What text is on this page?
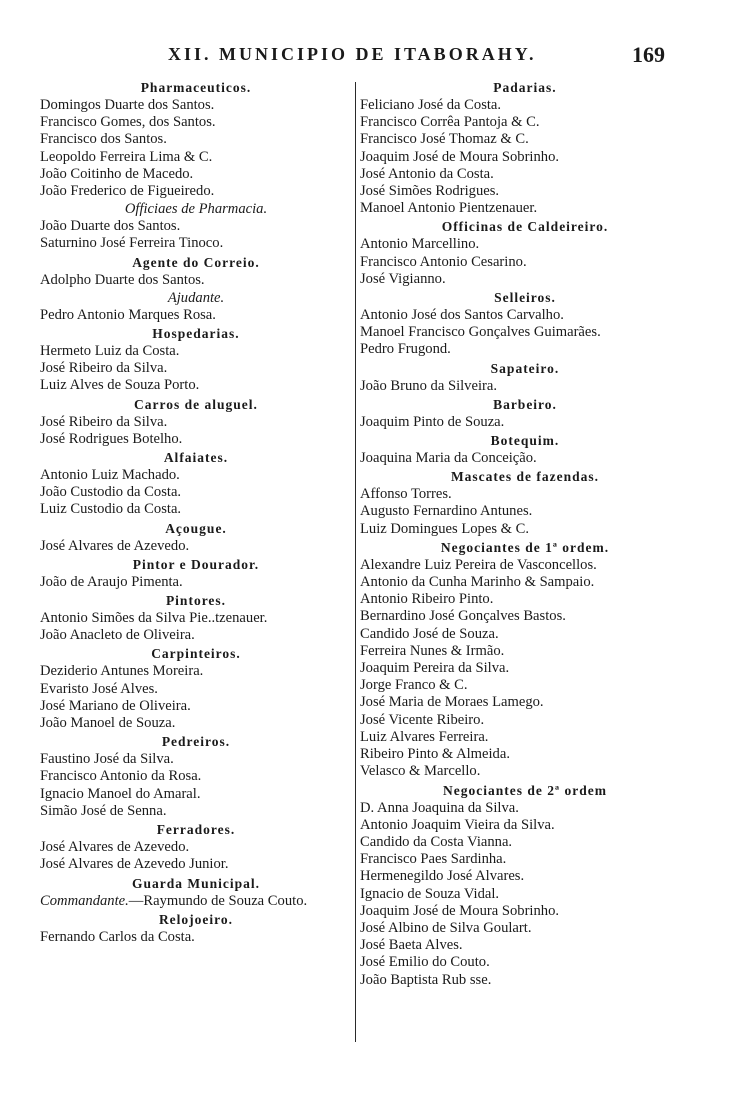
XII. MUNICIPIO DE ITABORAHY.	169
Pharmaceuticos.
Domingos Duarte dos Santos.
Francisco Gomes, dos Santos.
Francisco dos Santos.
Leopoldo Ferreira Lima & C.
João Coitinho de Macedo.
João Frederico de Figueiredo.
Officiaes de Pharmacia.
João Duarte dos Santos.
Saturnino José Ferreira Tinoco.
Agente do Correio.
Adolpho Duarte dos Santos.
Ajudante.
Pedro Antonio Marques Rosa.
Hospedarias.
Hermeto Luiz da Costa.
José Ribeiro da Silva.
Luiz Alves de Souza Porto.
Carros de aluguel.
José Ribeiro da Silva.
José Rodrigues Botelho.
Alfaiates.
Antonio Luiz Machado.
João Custodio da Costa.
Luiz Custodio da Costa.
Açougue.
José Alvares de Azevedo.
Pintor e Dourador.
João de Araujo Pimenta.
Pintores.
Antonio Simões da Silva Pie..tzenauer.
João Anacleto de Oliveira.
Carpinteiros.
Deziderio Antunes Moreira.
Evaristo José Alves.
José Mariano de Oliveira.
João Manoel de Souza.
Pedreiros.
Faustino José da Silva.
Francisco Antonio da Rosa.
Ignacio Manoel do Amaral.
Simão José de Senna.
Ferradores.
José Alvares de Azevedo.
José Alvares de Azevedo Junior.
Guarda Municipal.
Commandante.—Raymundo de Souza Couto.
Relojoeiro.
Fernando Carlos da Costa.
Padarias.
Feliciano José da Costa.
Francisco Corrêa Pantoja & C.
Francisco José Thomaz & C.
Joaquim José de Moura Sobrinho.
José Antonio da Costa.
José Simões Rodrigues.
Manoel Antonio Pientzenauer.
Officinas de Caldeireiro.
Antonio Marcellino.
Francisco Antonio Cesarino.
José Vigianno.
Selleiros.
Antonio José dos Santos Carvalho.
Manoel Francisco Gonçalves Guimarães.
Pedro Frugond.
Sapateiro.
João Bruno da Silveira.
Barbeiro.
Joaquim Pinto de Souza.
Botequim.
Joaquina Maria da Conceição.
Mascates de fazendas.
Affonso Torres.
Augusto Fernardino Antunes.
Luiz Domingues Lopes & C.
Negociantes de 1ª ordem.
Alexandre Luiz Pereira de Vasconcellos.
Antonio da Cunha Marinho & Sampaio.
Antonio Ribeiro Pinto.
Bernardino José Gonçalves Bastos.
Candido José de Souza.
Ferreira Nunes & Irmão.
Joaquim Pereira da Silva.
Jorge Franco & C.
José Maria de Moraes Lamego.
José Vicente Ribeiro.
Luiz Alvares Ferreira.
Ribeiro Pinto & Almeida.
Velasco & Marcello.
Negociantes de 2ª ordem
D. Anna Joaquina da Silva.
Antonio Joaquim Vieira da Silva.
Candido da Costa Vianna.
Francisco Paes Sardinha.
Hermenegildo José Alvares.
Ignacio de Souza Vidal.
Joaquim José de Moura Sobrinho.
José Albino de Silva Goulart.
José Baeta Alves.
José Emilio do Couto.
João Baptista Rub sse.
